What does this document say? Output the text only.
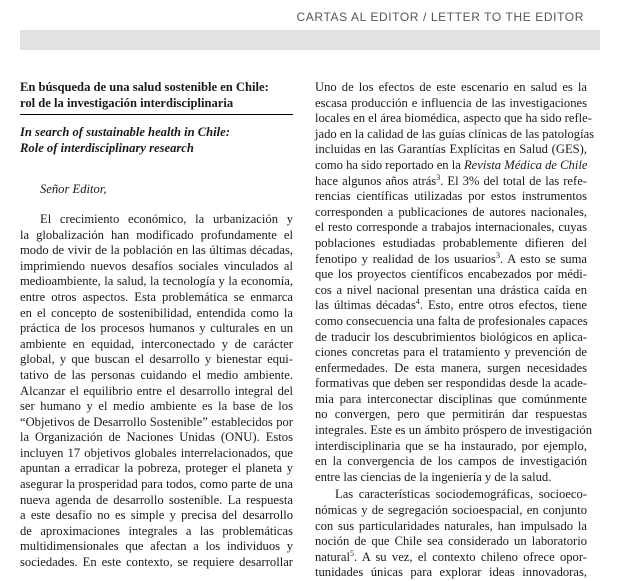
CARTAS AL EDITOR / LETTER TO THE EDITOR

En búsqueda de una salud sostenible en Chile:
rol de la investigación interdisciplinaria

In search of sustainable health in Chile:
Role of interdisciplinary research

Señor Editor,

El crecimiento económico, la urbanización y
la globalización han modificado profundamente el
modo de vivir de la población en las últimas décadas,
imprimiendo nuevos desafíos sociales vinculados al
medioambiente, la salud, la tecnología y la economía,
entre otros aspectos. Esta problemática se enmarca
en el concepto de sostenibilidad, entendida como la
práctica de los procesos humanos y culturales en un
ambiente en equidad, interconectado y de carácter
global, y que buscan el desarrollo y bienestar equi-
tativo de las personas cuidando el medio ambiente.
Alcanzar el equilibrio entre el desarrollo integral del
ser humano y el medio ambiente es la base de los
“Objetivos de Desarrollo Sostenible” establecidos por
la Organización de Naciones Unidas (ONU). Estos
incluyen 17 objetivos globales interrelacionados, que
apuntan a erradicar la pobreza, proteger el planeta y
asegurar la prosperidad para todos, como parte de una
nueva agenda de desarrollo sostenible. La respuesta
a este desafío no es simple y precisa del desarrollo
de aproximaciones integrales a las problemáticas
multidimensionales que afectan a los individuos y
sociedades. En este contexto, se requiere desarrollar
Uno de los efectos de este escenario en salud es la
escasa producción e influencia de las investigaciones
locales en el área biomédica, aspecto que ha sido refle-
jado en la calidad de las guías clínicas de las patologías
incluidas en las Garantías Explícitas en Salud (GES),
como ha sido reportado en la Revista Médica de Chile
hace algunos años atrás$^3$. El 3% del total de las refe-
rencias científicas utilizadas por estos instrumentos
corresponden a publicaciones de autores nacionales,
el resto corresponde a trabajos internacionales, cuyas
poblaciones estudiadas probablemente difieren del
fenotipo y realidad de los usuarios$^3$. A esto se suma
que los proyectos científicos encabezados por médi-
cos a nivel nacional presentan una drástica caída en
las últimas décadas$^4$. Esto, entre otros efectos, tiene
como consecuencia una falta de profesionales capaces
de traducir los descubrimientos biológicos en aplica-
ciones concretas para el tratamiento y prevención de
enfermedades. De esta manera, surgen necesidades
formativas que deben ser respondidas desde la acade-
mia para interconectar disciplinas que comúnmente
no convergen, pero que permitirán dar respuestas
integrales. Este es un ámbito próspero de investigación
interdisciplinaria que se ha instaurado, por ejemplo,
en la convergencia de los campos de investigación
entre las ciencias de la ingeniería y de la salud.
Las características sociodemográficas, socioeco-
nómicas y de segregación socioespacial, en conjunto
con sus particularidades naturales, han impulsado la
noción de que Chile sea considerado un laboratorio
natural$^5$. A su vez, el contexto chileno ofrece opor-
tunidades únicas para explorar ideas innovadoras,
